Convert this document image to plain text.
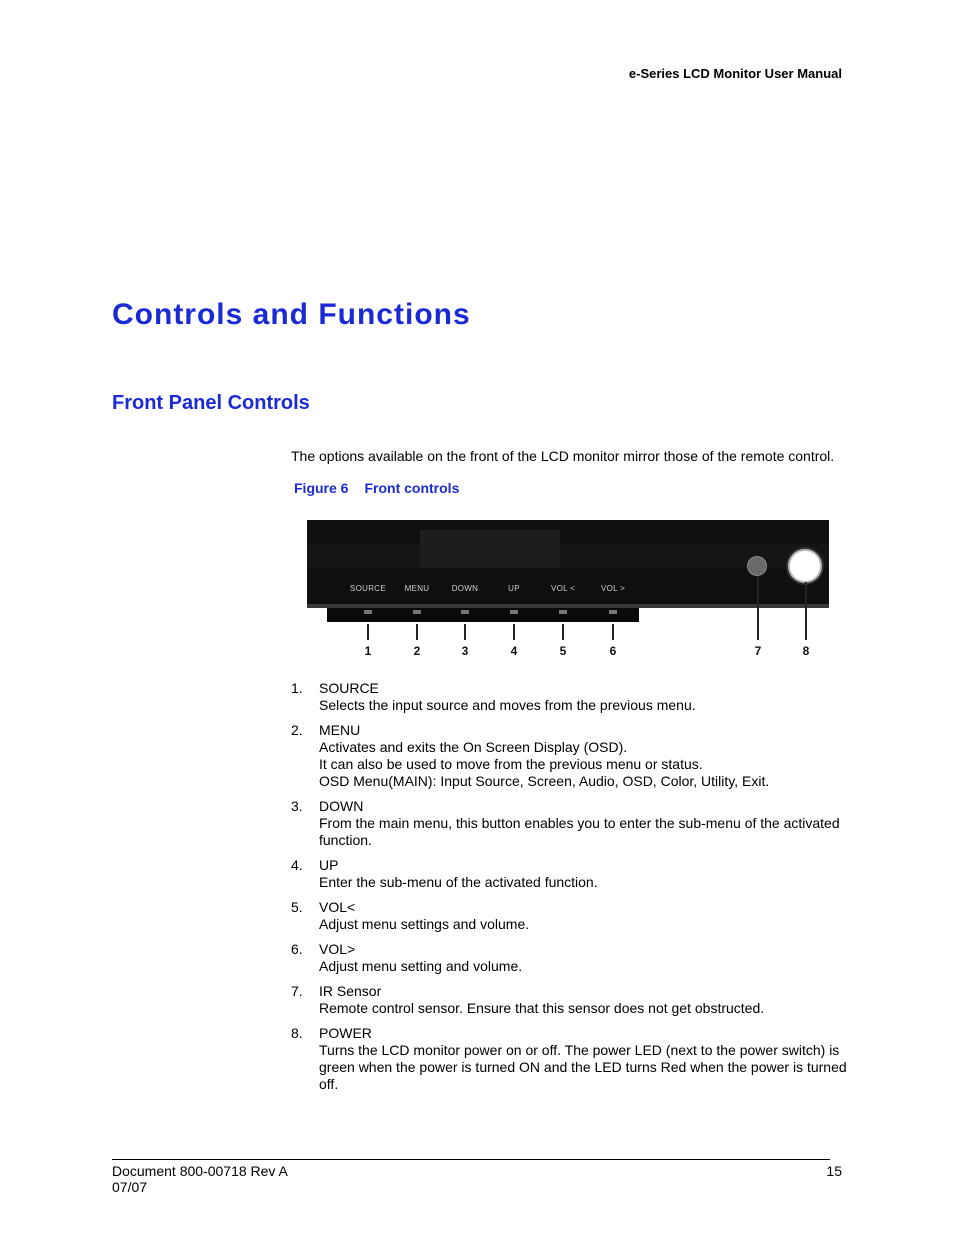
e-Series LCD Monitor User Manual
Controls and Functions
Front Panel Controls
The options available on the front of the LCD monitor mirror those of the remote control.
Figure 6 Front controls
SOURCE MENU	DOWN	UP	VOL <	VOL >
1	2	3	4	5	6	7	8
1. SOURCE
Selects the input source and moves from the previous menu.
2. MENU
Activates and exits the On Screen Display (OSD).
It can also be used to move from the previous menu or status.
OSD Menu(MAIN): Input Source, Screen, Audio, OSD, Color, Utility, Exit.
3. DOWN
From the main menu, this button enables you to enter the sub-menu of the activated function.
4. UP
Enter the sub-menu of the activated function.
5. VOL<
Adjust menu settings and volume.
6. VOL>
Adjust menu setting and volume.
7. IR Sensor
Remote control sensor. Ensure that this sensor does not get obstructed.
8. POWER
Turns the LCD monitor power on or off. The power LED (next to the power switch) is green when the power is turned ON and the LED turns Red when the power is turned off.
Document 800-00718 Rev A
07/07
15
